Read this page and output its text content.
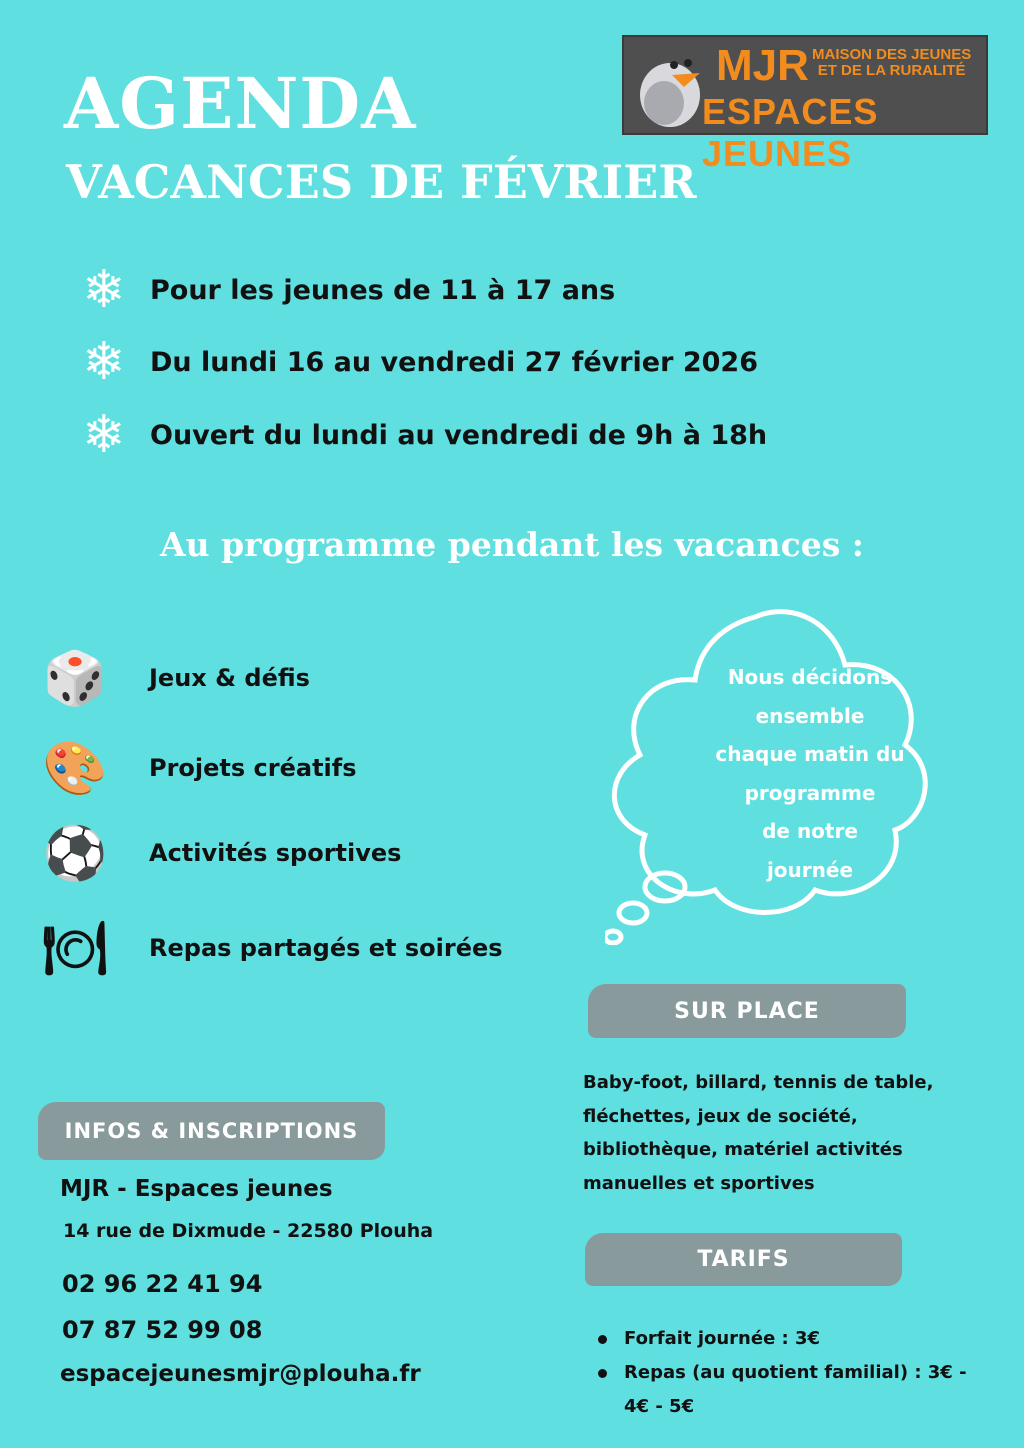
AGENDA
VACANCES DE FÉVRIER
MJR MAISON DES JEUNES
ET DE LA RURALITÉ
ESPACES JEUNES
❄ Pour les jeunes de 11 à 17 ans
❄ Du lundi 16 au vendredi 27 février 2026
❄ Ouvert du lundi au vendredi de 9h à 18h
Au programme pendant les vacances :
🎲	Jeux & défis
🎨	Projets créatifs
⚽	Activités sportives
🍽 Repas partagés et soirées
Nous décidons
ensemble
chaque matin du
programme
de notre
journée
SUR PLACE
Baby-foot, billard, tennis de table,
fléchettes, jeux de société,
bibliothèque, matériel activités
manuelles et sportives
TARIFS
Forfait journée : 3€
Repas (au quotient familial) : 3€ - 4€ - 5€
INFOS & INSCRIPTIONS
MJR - Espaces jeunes
14 rue de Dixmude - 22580 Plouha
02 96 22 41 94
07 87 52 99 08
espacejeunesmjr@plouha.fr
